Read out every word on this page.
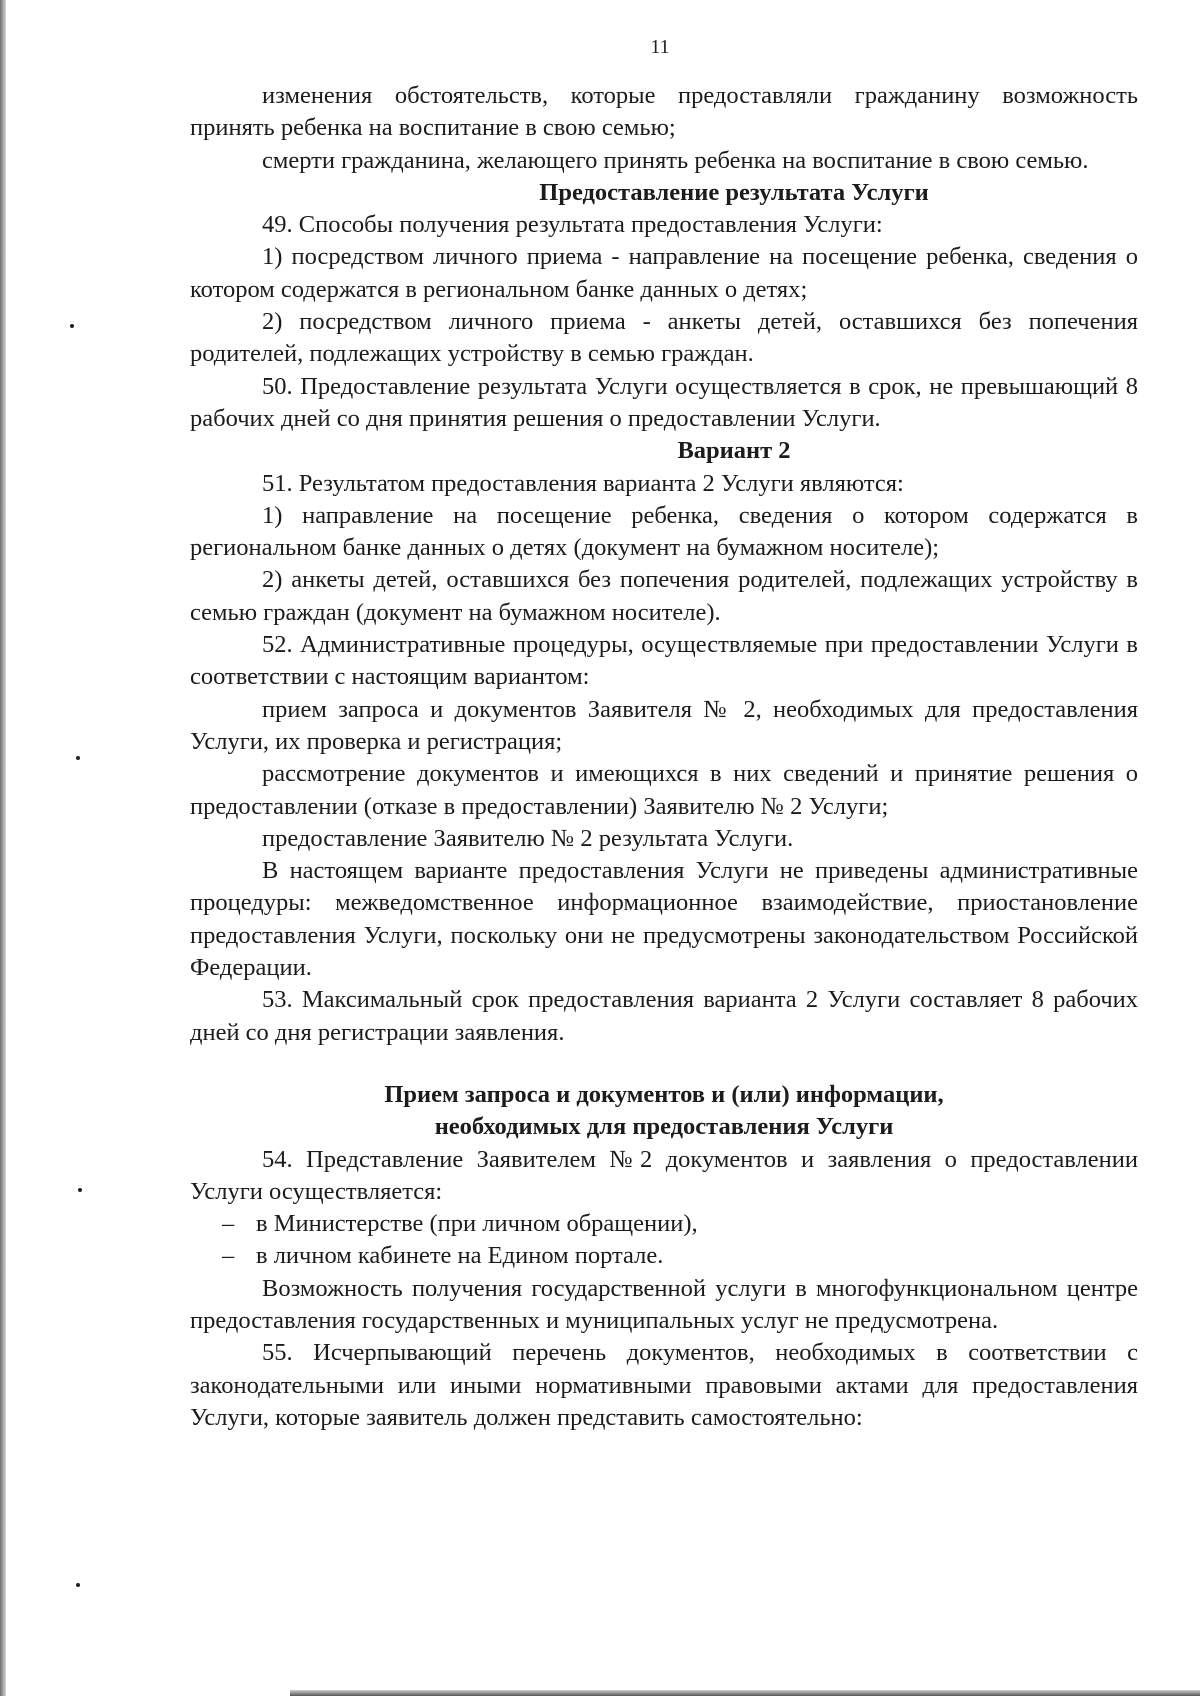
11

изменения обстоятельств, которые предоставляли гражданину возможность принять ребенка на воспитание в свою семью;

смерти гражданина, желающего принять ребенка на воспитание в свою семью.

Предоставление результата Услуги

49. Способы получения результата предоставления Услуги:

1) посредством личного приема - направление на посещение ребенка, сведения о котором содержатся в региональном банке данных о детях;

2) посредством личного приема - анкеты детей, оставшихся без попечения родителей, подлежащих устройству в семью граждан.

50. Предоставление результата Услуги осуществляется в срок, не превышающий 8 рабочих дней со дня принятия решения о предоставлении Услуги.

Вариант 2

51. Результатом предоставления варианта 2 Услуги являются:

1) направление на посещение ребенка, сведения о котором содержатся в региональном банке данных о детях (документ на бумажном носителе);

2) анкеты детей, оставшихся без попечения родителей, подлежащих устройству в семью граждан (документ на бумажном носителе).

52. Административные процедуры, осуществляемые при предоставлении Услуги в соответствии с настоящим вариантом:

прием запроса и документов Заявителя № 2, необходимых для предоставления Услуги, их проверка и регистрация;

рассмотрение документов и имеющихся в них сведений и принятие решения о предоставлении (отказе в предоставлении) Заявителю № 2 Услуги;

предоставление Заявителю № 2 результата Услуги.

В настоящем варианте предоставления Услуги не приведены административные процедуры: межведомственное информационное взаимодействие, приостановление предоставления Услуги, поскольку они не предусмотрены законодательством Российской Федерации.

53. Максимальный срок предоставления варианта 2 Услуги составляет 8 рабочих дней со дня регистрации заявления.

Прием запроса и документов и (или) информации,
необходимых для предоставления Услуги

54. Представление Заявителем №2 документов и заявления о предоставлении Услуги осуществляется:

– в Министерстве (при личном обращении),

– в личном кабинете на Едином портале.

Возможность получения государственной услуги в многофункциональном центре предоставления государственных и муниципальных услуг не предусмотрена.

55. Исчерпывающий перечень документов, необходимых в соответствии с законодательными или иными нормативными правовыми актами для предоставления Услуги, которые заявитель должен представить самостоятельно:
